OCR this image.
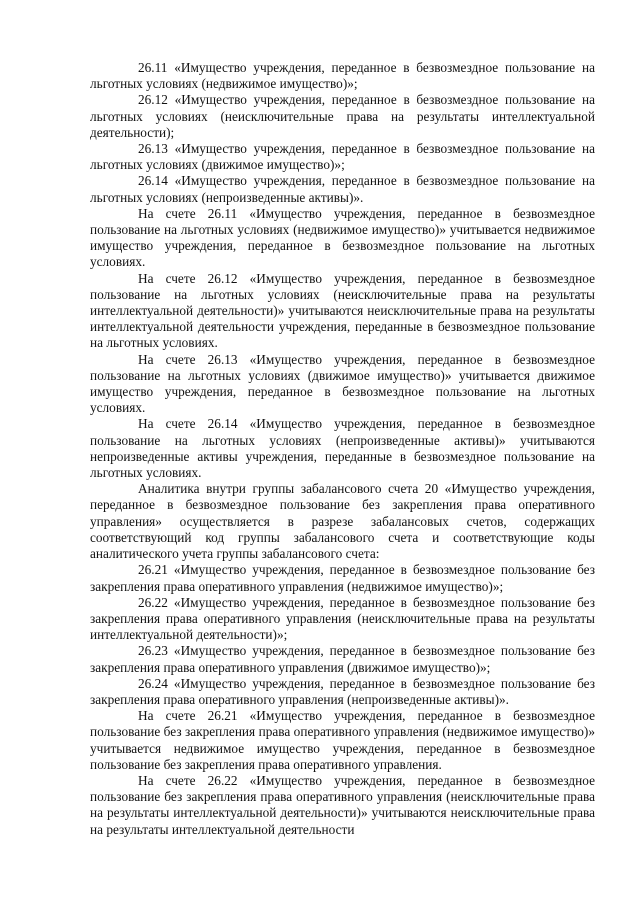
26.11 «Имущество учреждения, переданное в безвозмездное пользование на льготных условиях (недвижимое имущество)»;

26.12 «Имущество учреждения, переданное в безвозмездное пользование на льготных условиях (неисключительные права на результаты интеллектуальной деятельности);

26.13 «Имущество учреждения, переданное в безвозмездное пользование на льготных условиях (движимое имущество)»;

26.14 «Имущество учреждения, переданное в безвозмездное пользование на льготных условиях (непроизведенные активы)».

На счете 26.11 «Имущество учреждения, переданное в безвозмездное пользование на льготных условиях (недвижимое имущество)» учитывается недвижимое имущество учреждения, переданное в безвозмездное пользование на льготных условиях.

На счете 26.12 «Имущество учреждения, переданное в безвозмездное пользование на льготных условиях (неисключительные права на результаты интеллектуальной деятельности)» учитываются неисключительные права на результаты интеллектуальной деятельности учреждения, переданные в безвозмездное пользование на льготных условиях.

На счете 26.13 «Имущество учреждения, переданное в безвозмездное пользование на льготных условиях (движимое имущество)» учитывается движимое имущество учреждения, переданное в безвозмездное пользование на льготных условиях.

На счете 26.14 «Имущество учреждения, переданное в безвозмездное пользование на льготных условиях (непроизведенные активы)» учитываются непроизведенные активы учреждения, переданные в безвозмездное пользование на льготных условиях.

Аналитика внутри группы забалансового счета 20 «Имущество учреждения, переданное в безвозмездное пользование без закрепления права оперативного управления» осуществляется в разрезе забалансовых счетов, содержащих соответствующий код группы забалансового счета и соответствующие коды аналитического учета группы забалансового счета:

26.21 «Имущество учреждения, переданное в безвозмездное пользование без закрепления права оперативного управления (недвижимое имущество)»;

26.22 «Имущество учреждения, переданное в безвозмездное пользование без закрепления права оперативного управления (неисключительные права на результаты интеллектуальной деятельности)»;

26.23 «Имущество учреждения, переданное в безвозмездное пользование без закрепления права оперативного управления (движимое имущество)»;

26.24 «Имущество учреждения, переданное в безвозмездное пользование без закрепления права оперативного управления (непроизведенные активы)».

На счете 26.21 «Имущество учреждения, переданное в безвозмездное пользование без закрепления права оперативного управления (недвижимое имущество)» учитывается недвижимое имущество учреждения, переданное в безвозмездное пользование без закрепления права оперативного управления.

На счете 26.22 «Имущество учреждения, переданное в безвозмездное пользование без закрепления права оперативного управления (неисключительные права на результаты интеллектуальной деятельности)» учитываются неисключительные права на результаты интеллектуальной деятельности
